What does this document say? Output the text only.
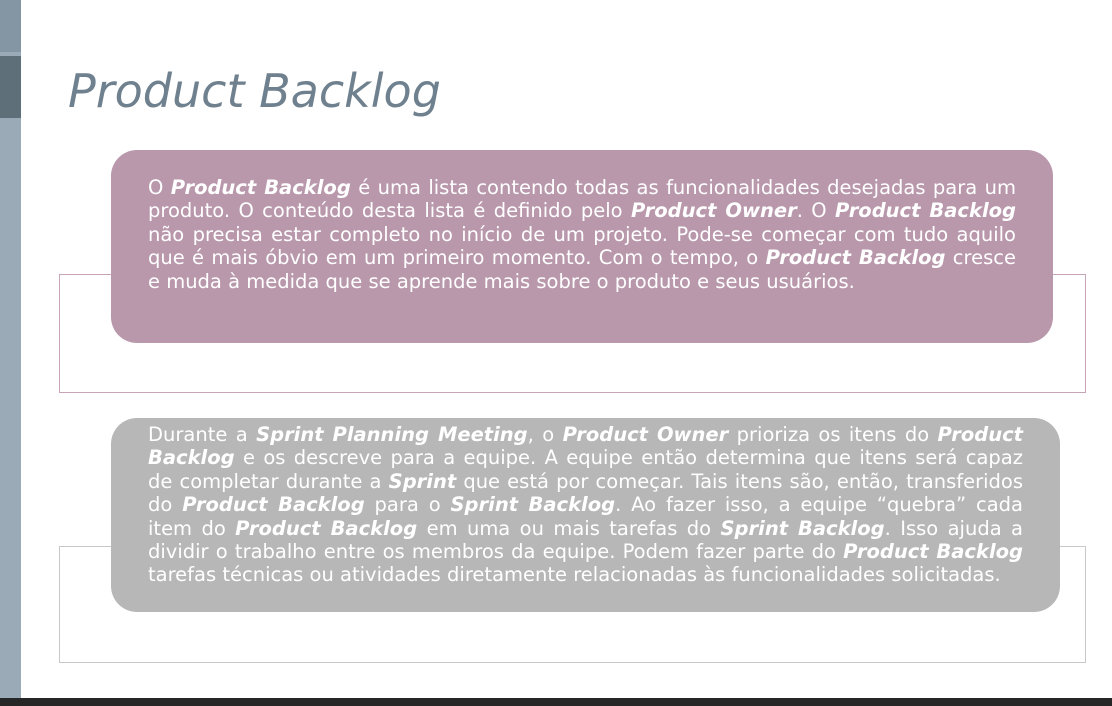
Product Backlog

O Product Backlog é uma lista contendo todas as funcionalidades desejadas para um produto. O conteúdo desta lista é definido pelo Product Owner. O Product Backlog não precisa estar completo no início de um projeto. Pode-se começar com tudo aquilo que é mais óbvio em um primeiro momento. Com o tempo, o Product Backlog cresce e muda à medida que se aprende mais sobre o produto e seus usuários.

Durante a Sprint Planning Meeting, o Product Owner prioriza os itens do Product Backlog e os descreve para a equipe. A equipe então determina que itens será capaz de completar durante a Sprint que está por começar. Tais itens são, então, transferidos do Product Backlog para o Sprint Backlog. Ao fazer isso, a equipe “quebra” cada item do Product Backlog em uma ou mais tarefas do Sprint Backlog. Isso ajuda a dividir o trabalho entre os membros da equipe. Podem fazer parte do Product Backlog tarefas técnicas ou atividades diretamente relacionadas às funcionalidades solicitadas.
